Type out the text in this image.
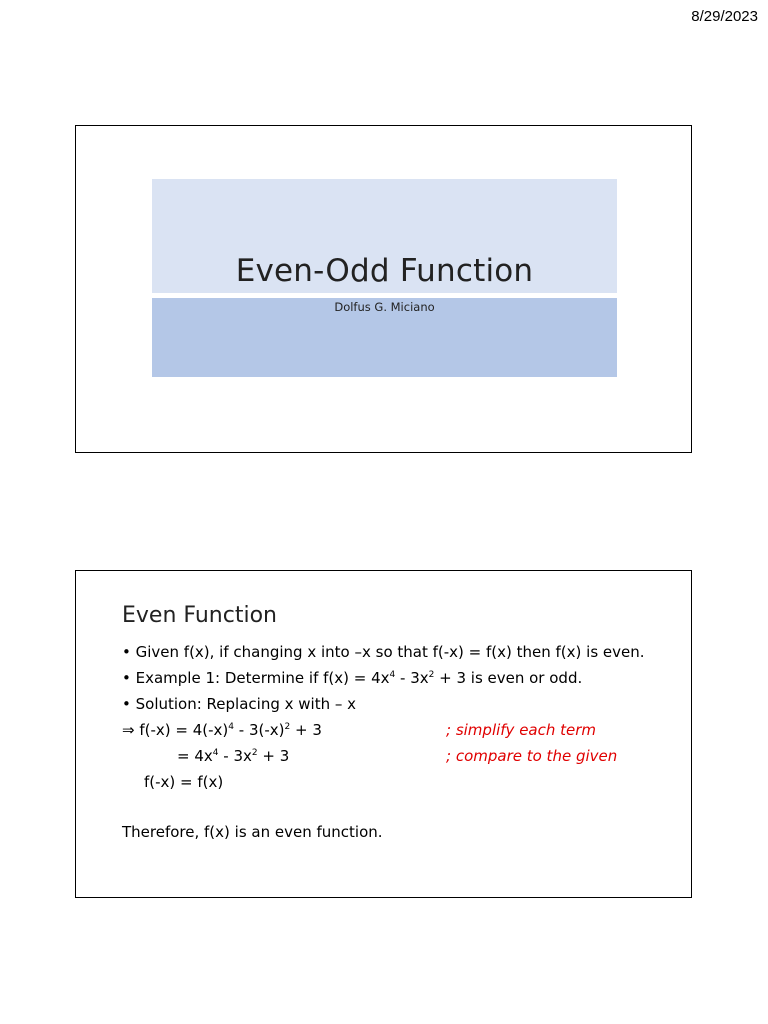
8/29/2023
Even-Odd Function
Dolfus G. Miciano
Even Function
• Given f(x), if changing x into –x so that f(-x) = f(x) then f(x) is even.
• Example 1: Determine if $f(x) = 4x^4 - 3x^2 + 3$ is even or odd.
• Solution: Replacing x with – x
⇒ $f(-x) = 4(-x)^4 - 3(-x)^2 + 3$	; simplify each term
= $4x^4 - 3x^2 + 3$	; compare to the given
f(-x) = f(x)
Therefore, f(x) is an even function.
